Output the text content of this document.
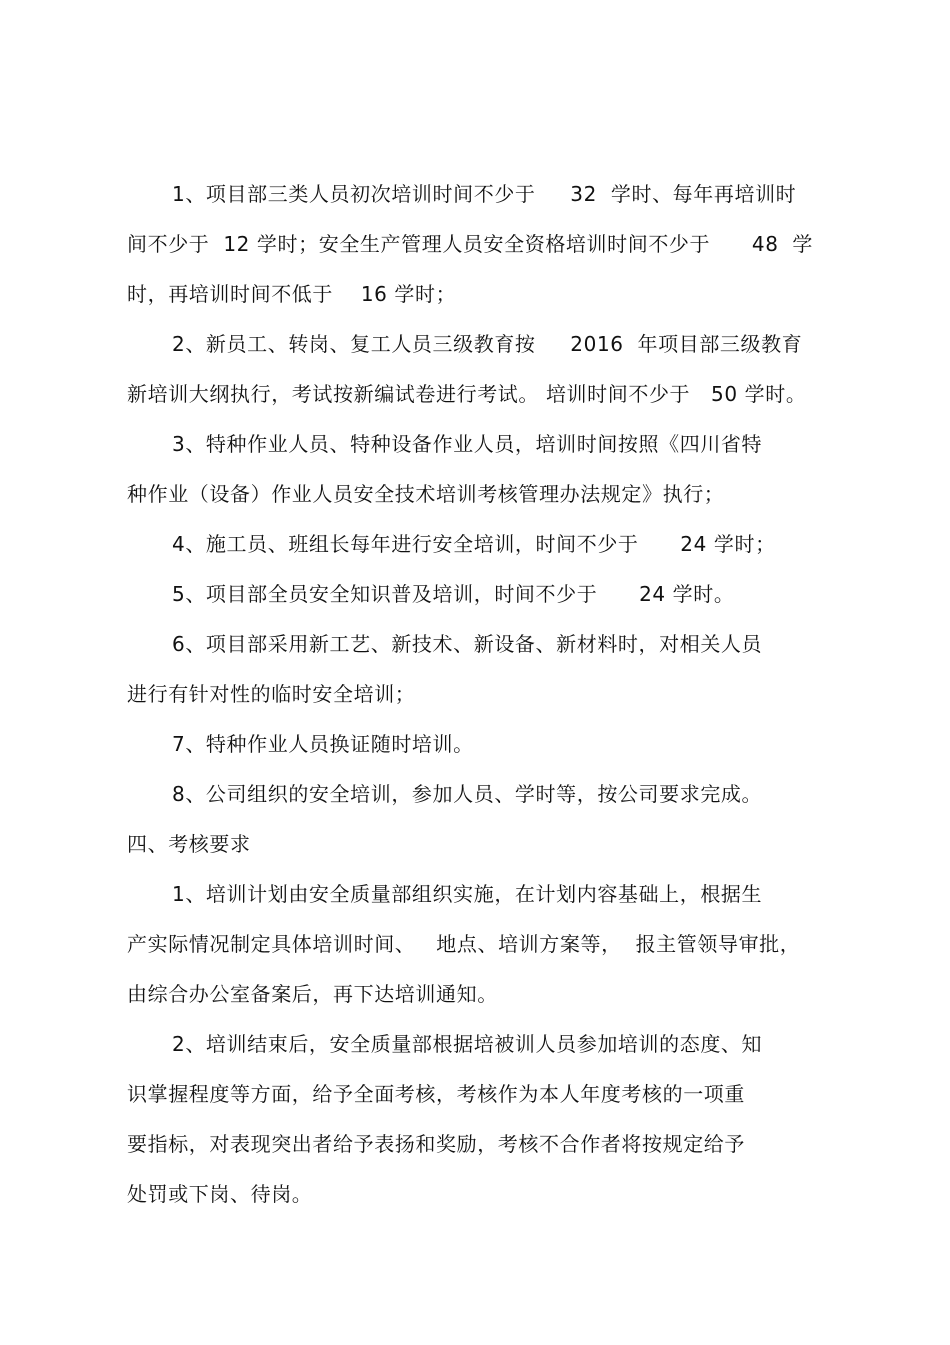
1、项目部三类人员初次培训时间不少于     32  学时、每年再培训时
间不少于  12 学时；安全生产管理人员安全资格培训时间不少于      48  学
时，再培训时间不低于    16 学时；
2、新员工、转岗、复工人员三级教育按     2016  年项目部三级教育
新培训大纲执行，考试按新编试卷进行考试。 培训时间不少于   50 学时。
3、特种作业人员、特种设备作业人员，培训时间按照《四川省特
种作业（设备）作业人员安全技术培训考核管理办法规定》执行；
4、施工员、班组长每年进行安全培训，时间不少于      24 学时；
5、项目部全员安全知识普及培训，时间不少于      24 学时。
6、项目部采用新工艺、新技术、新设备、新材料时，对相关人员
进行有针对性的临时安全培训；
7、特种作业人员换证随时培训。
8、公司组织的安全培训，参加人员、学时等，按公司要求完成。
四、考核要求
1、培训计划由安全质量部组织实施，在计划内容基础上，根据生
产实际情况制定具体培训时间、   地点、培训方案等，  报主管领导审批，
由综合办公室备案后，再下达培训通知。
2、培训结束后，安全质量部根据培被训人员参加培训的态度、知
识掌握程度等方面，给予全面考核，考核作为本人年度考核的一项重
要指标，对表现突出者给予表扬和奖励，考核不合作者将按规定给予
处罚或下岗、待岗。
